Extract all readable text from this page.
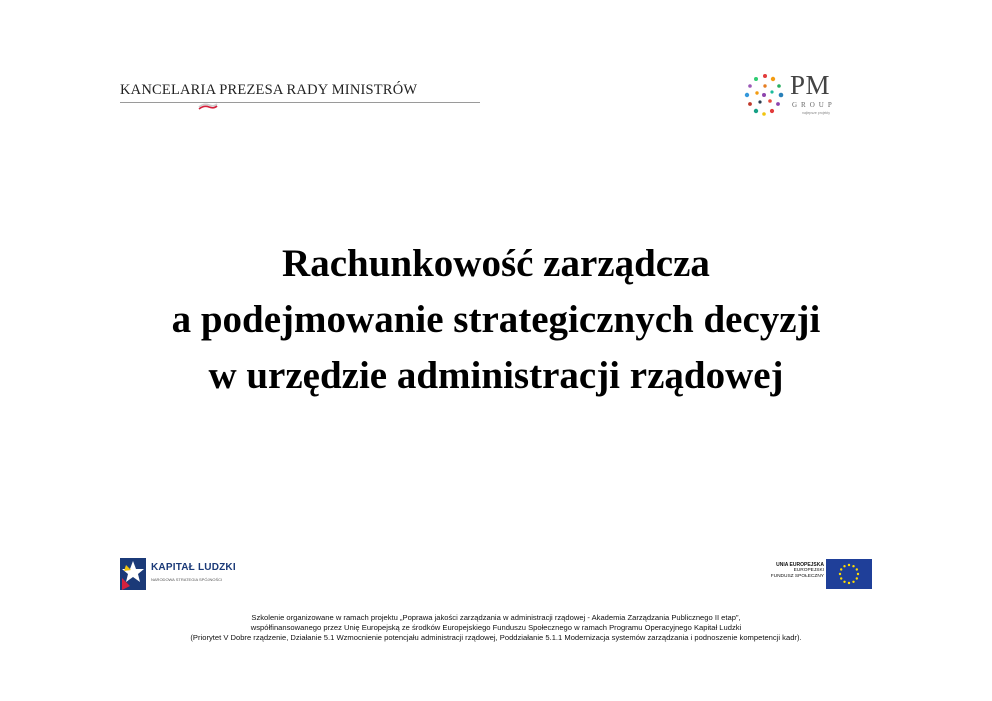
KANCELARIA PREZESA RADY MINISTRÓW	PM
GROUP
najlepsze projekty
Rachunkowość zarządcza
a podejmowanie strategicznych decyzji
w urzędzie administracji rządowej
KAPITAŁ LUDZKI
NARODOWA STRATEGIA SPÓJNOŚCI
UNIA EUROPEJSKA
EUROPEJSKI
FUNDUSZ SPOŁECZNY
Szkolenie organizowane w ramach projektu „Poprawa jakości zarządzania w administracji rządowej - Akademia Zarządzania Publicznego II etap”,
współfinansowanego przez Unię Europejską ze środków Europejskiego Funduszu Społecznego w ramach Programu Operacyjnego Kapitał Ludzki
(Priorytet V Dobre rządzenie, Działanie 5.1 Wzmocnienie potencjału administracji rządowej, Poddziałanie 5.1.1 Modernizacja systemów zarządzania i podnoszenie kompetencji kadr).
